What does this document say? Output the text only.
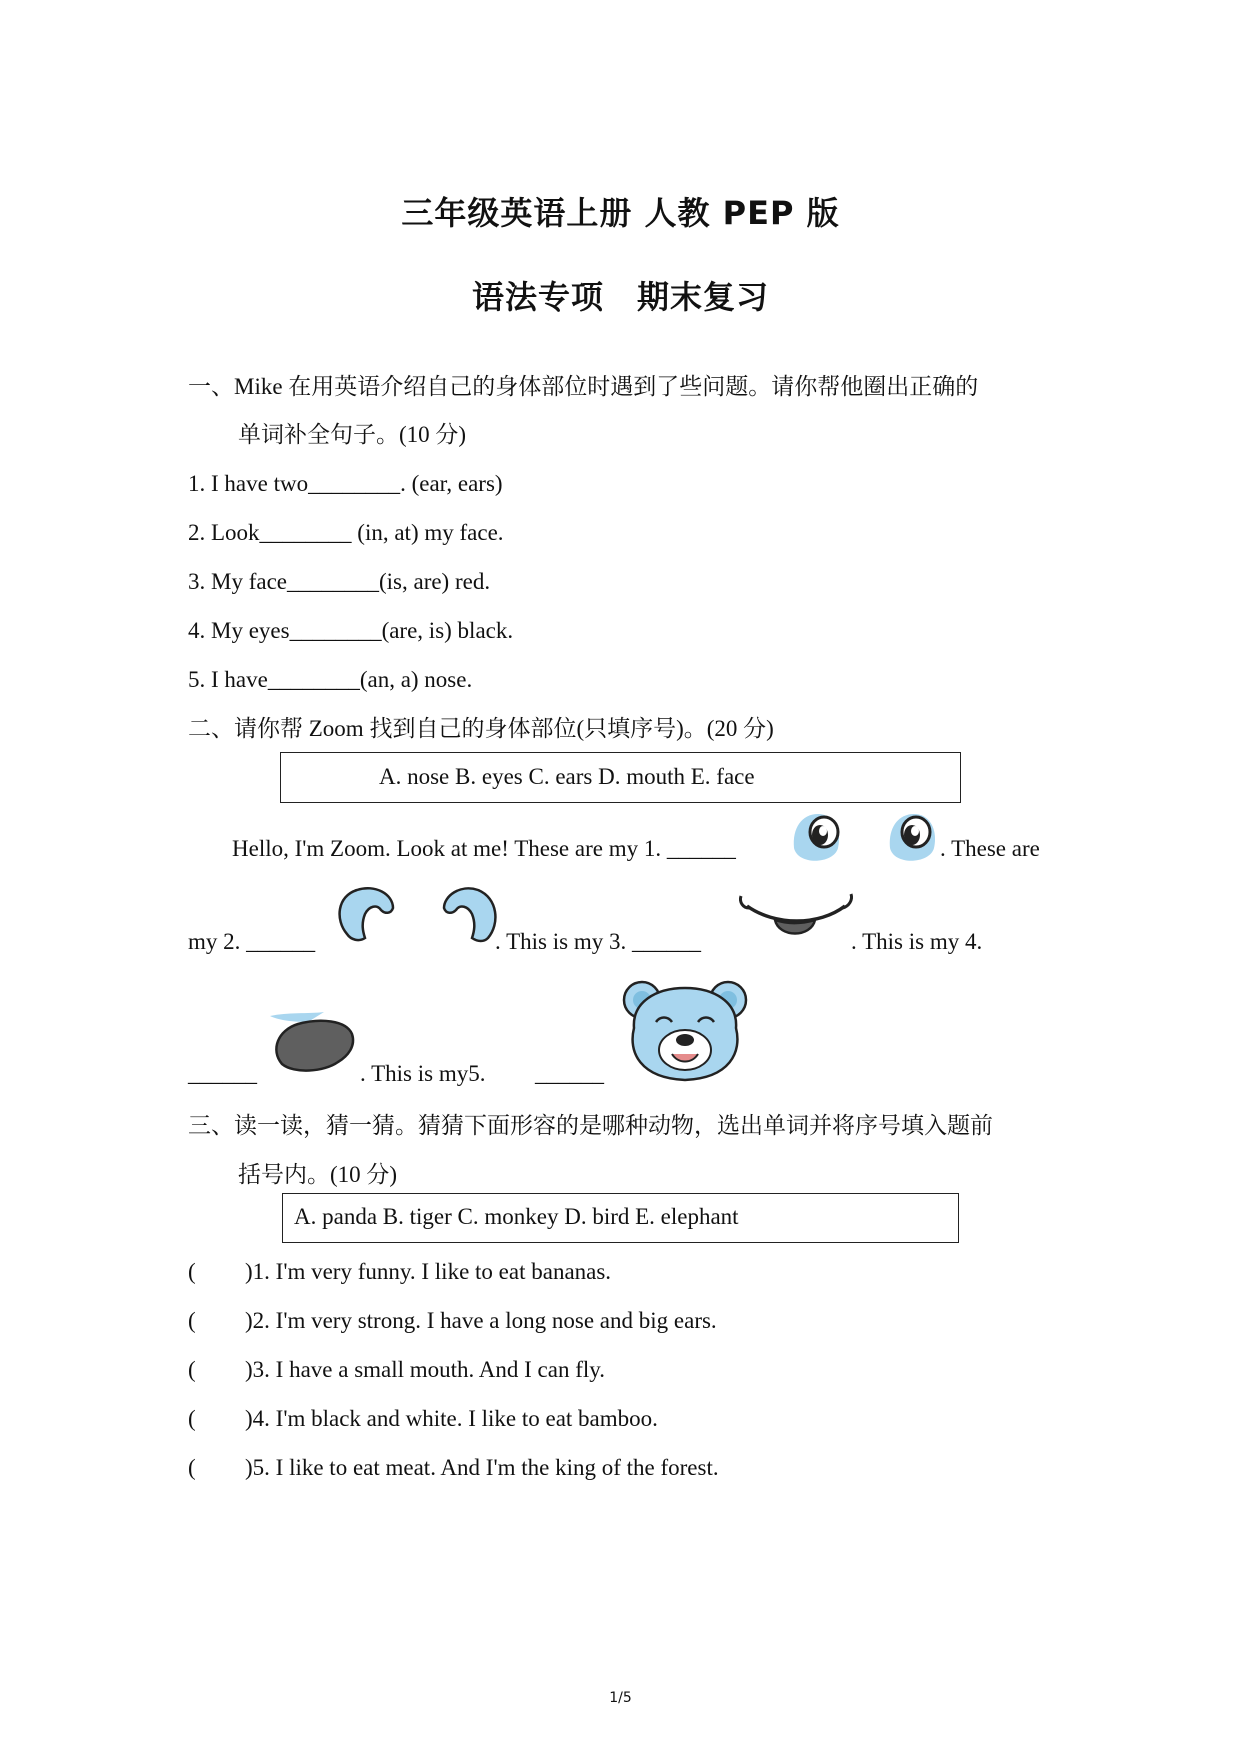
三年级英语上册 人教 PEP 版
语法专项　期末复习
一、Mike 在用英语介绍自己的身体部位时遇到了些问题。请你帮他圈出正确的
单词补全句子。(10 分)
1. I have two________. (ear, ears)
2. Look________ (in, at) my face.
3. My face________(is, are) red.
4. My eyes________(are, is) black.
5. I have________(an, a) nose.
二、请你帮 Zoom 找到自己的身体部位(只填序号)。(20 分)
A. nose B. eyes C. ears D. mouth E. face
Hello, I'm Zoom. Look at me! These are my 1. ______	. These are
my 2. ______	. This is my 3. ______	. This is my 4.
______	. This is my5. ______
三、读一读，猜一猜。猜猜下面形容的是哪种动物，选出单词并将序号填入题前
括号内。(10 分)
A. panda B. tiger C. monkey D. bird E. elephant
( )1. I'm very funny. I like to eat bananas.
( )2. I'm very strong. I have a long nose and big ears.
( )3. I have a small mouth. And I can fly.
( )4. I'm black and white. I like to eat bamboo.
( )5. I like to eat meat. And I'm the king of the forest.
1/5
